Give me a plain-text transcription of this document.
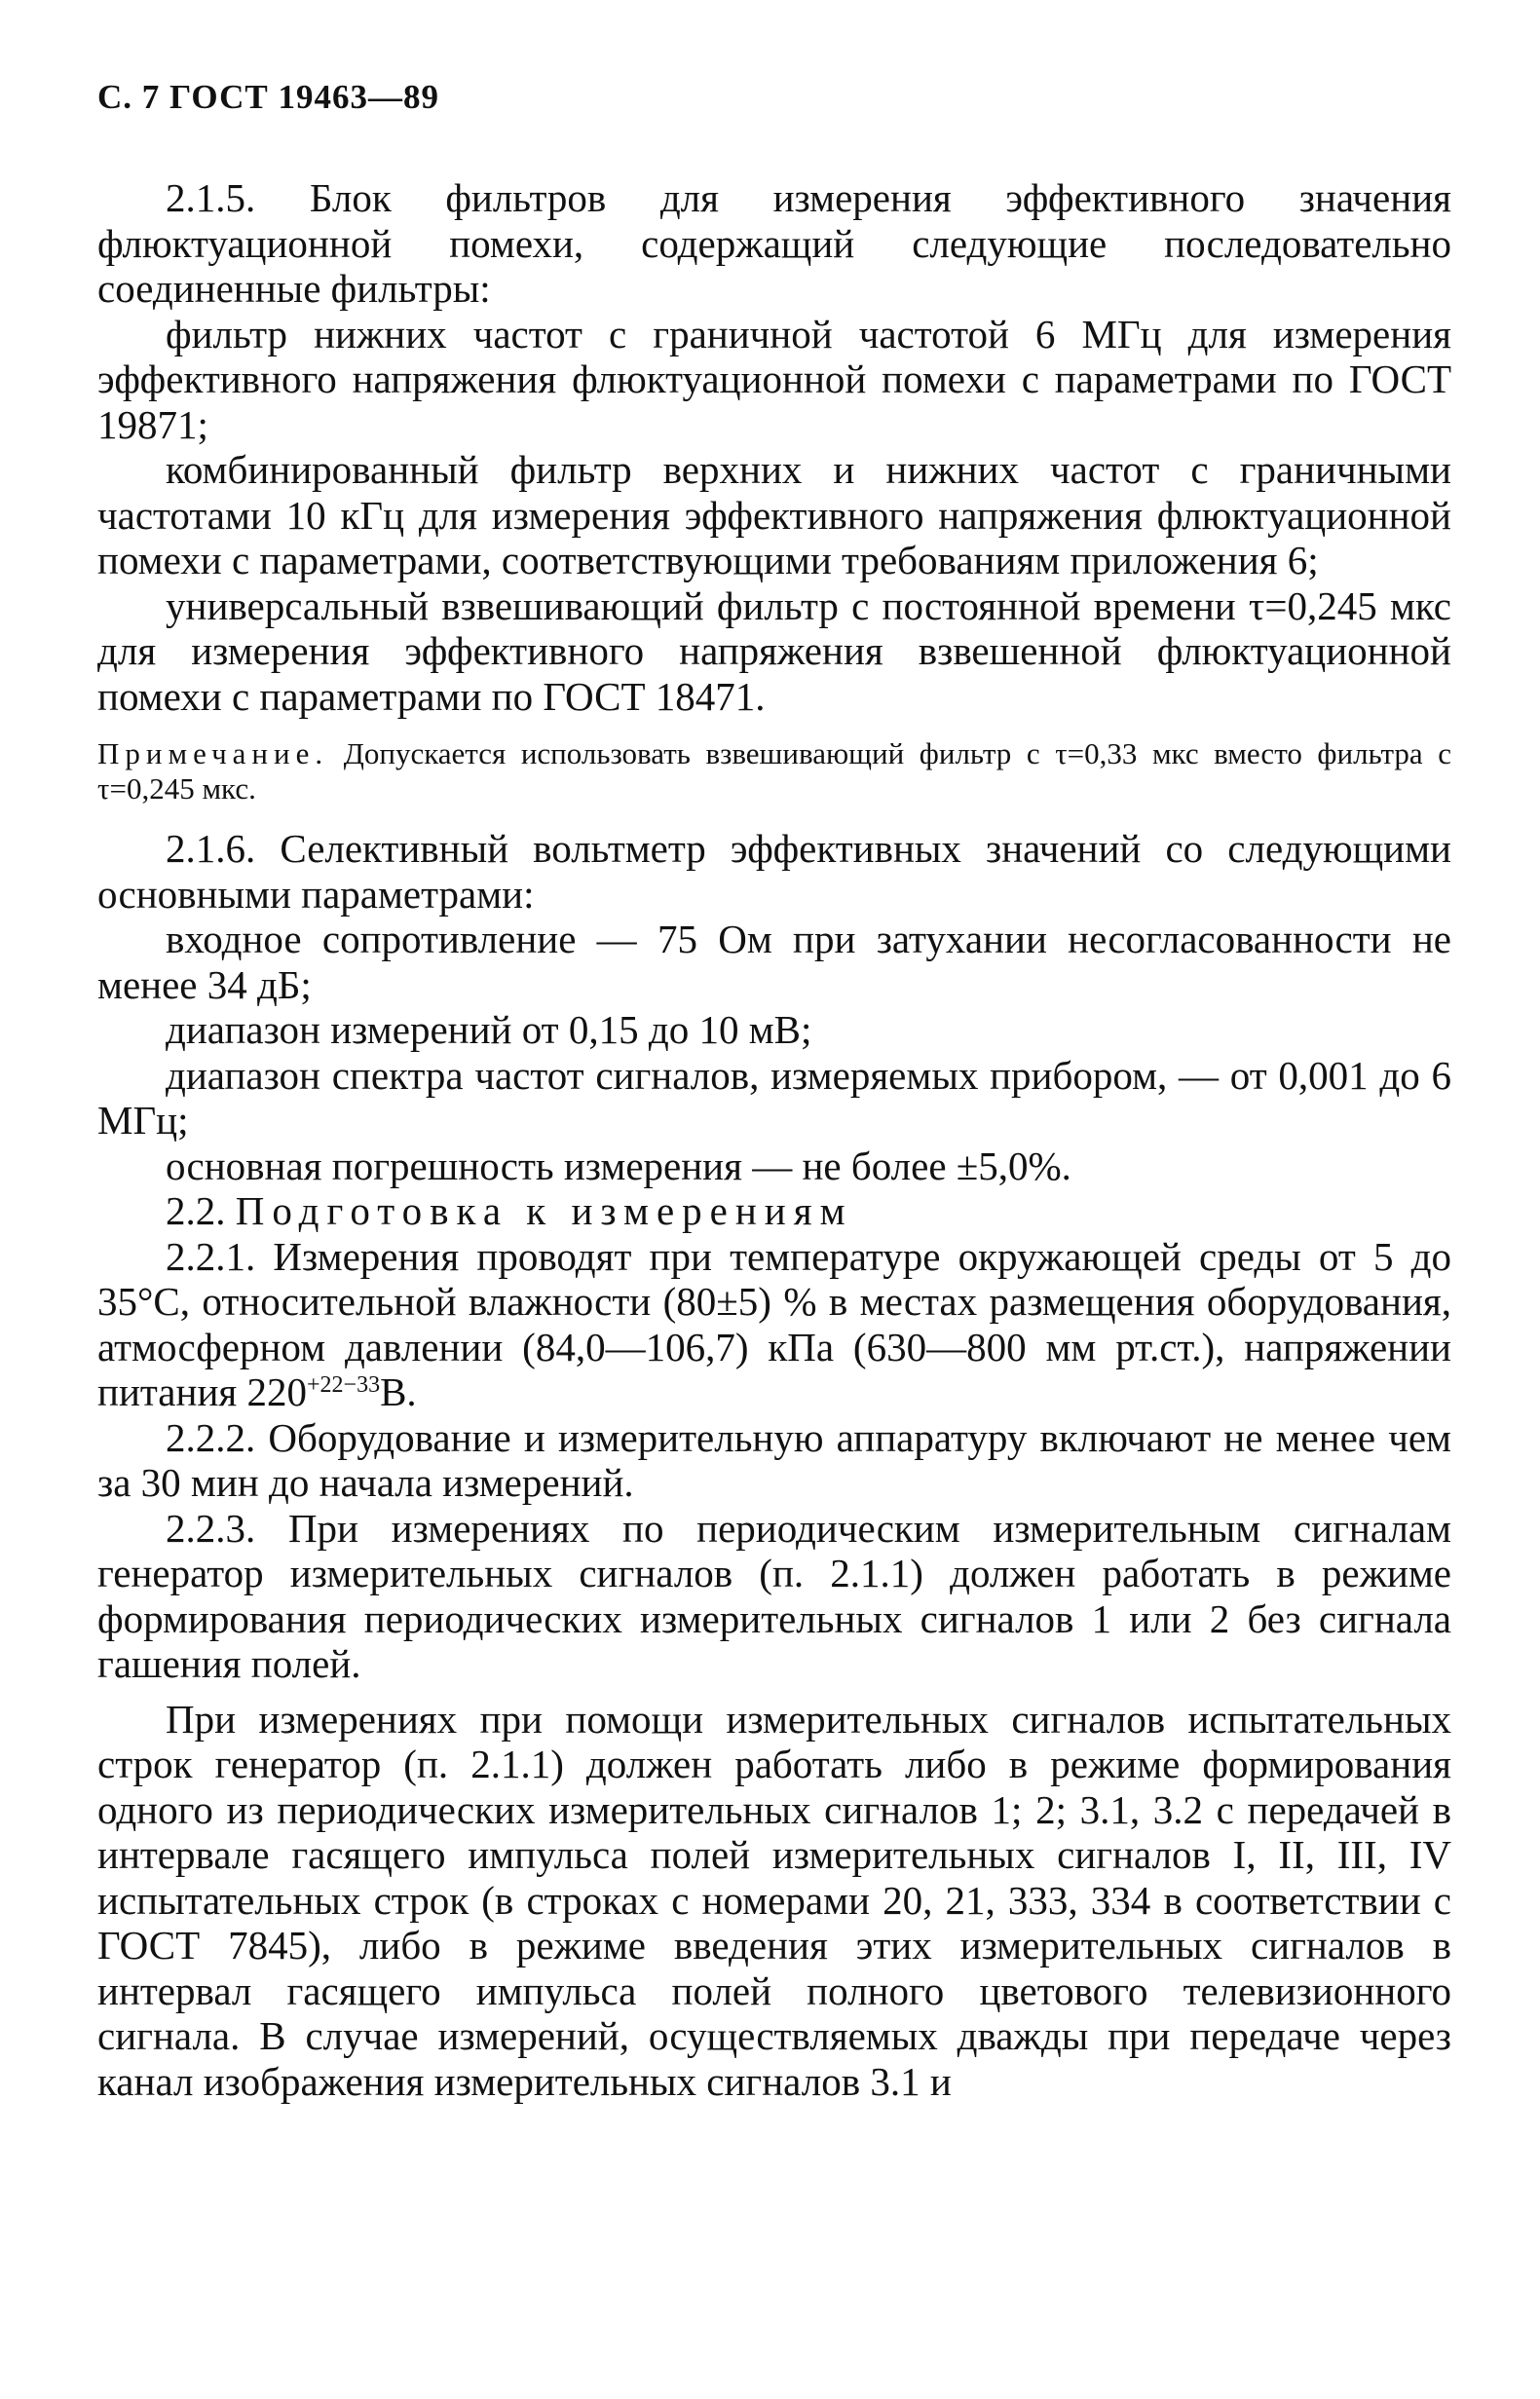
С. 7 ГОСТ 19463—89

2.1.5. Блок фильтров для измерения эффективного значения флюктуационной помехи, содержащий следующие последовательно соединенные фильтры:

фильтр нижних частот с граничной частотой 6 МГц для измерения эффективного напряжения флюктуационной помехи с параметрами по ГОСТ 19871;

комбинированный фильтр верхних и нижних частот с граничными частотами 10 кГц для измерения эффективного напряжения флюктуационной помехи с параметрами, соответствующими требованиям приложения 6;

универсальный взвешивающий фильтр с постоянной времени τ=0,245 мкс для измерения эффективного напряжения взвешенной флюктуационной помехи с параметрами по ГОСТ 18471.

Примечание. Допускается использовать взвешивающий фильтр с τ=0,33 мкс вместо фильтра с τ=0,245 мкс.

2.1.6. Селективный вольтметр эффективных значений со следующими основными параметрами:

входное сопротивление — 75 Ом при затухании несогласованности не менее 34 дБ;

диапазон измерений от 0,15 до 10 мВ;

диапазон спектра частот сигналов, измеряемых прибором, — от 0,001 до 6 МГц;

основная погрешность измерения — не более ±5,0%.

2.2. Подготовка к измерениям

2.2.1. Измерения проводят при температуре окружающей среды от 5 до 35°С, относительной влажности (80±5) % в местах размещения оборудования, атмосферном давлении (84,0—106,7) кПа (630—800 мм рт.ст.), напряжении питания $220^{+22-33}В$.

2.2.2. Оборудование и измерительную аппаратуру включают не менее чем за 30 мин до начала измерений.

2.2.3. При измерениях по периодическим измерительным сигналам генератор измерительных сигналов (п. 2.1.1) должен работать в режиме формирования периодических измерительных сигналов 1 или 2 без сигнала гашения полей.

При измерениях при помощи измерительных сигналов испытательных строк генератор (п. 2.1.1) должен работать либо в режиме формирования одного из периодических измерительных сигналов 1; 2; 3.1, 3.2 с передачей в интервале гасящего импульса полей измерительных сигналов I, II, III, IV испытательных строк (в строках с номерами 20, 21, 333, 334 в соответствии с ГОСТ 7845), либо в режиме введения этих измерительных сигналов в интервал гасящего импульса полей полного цветового телевизионного сигнала. В случае измерений, осуществляемых дважды при передаче через канал изображения измерительных сигналов 3.1 и
